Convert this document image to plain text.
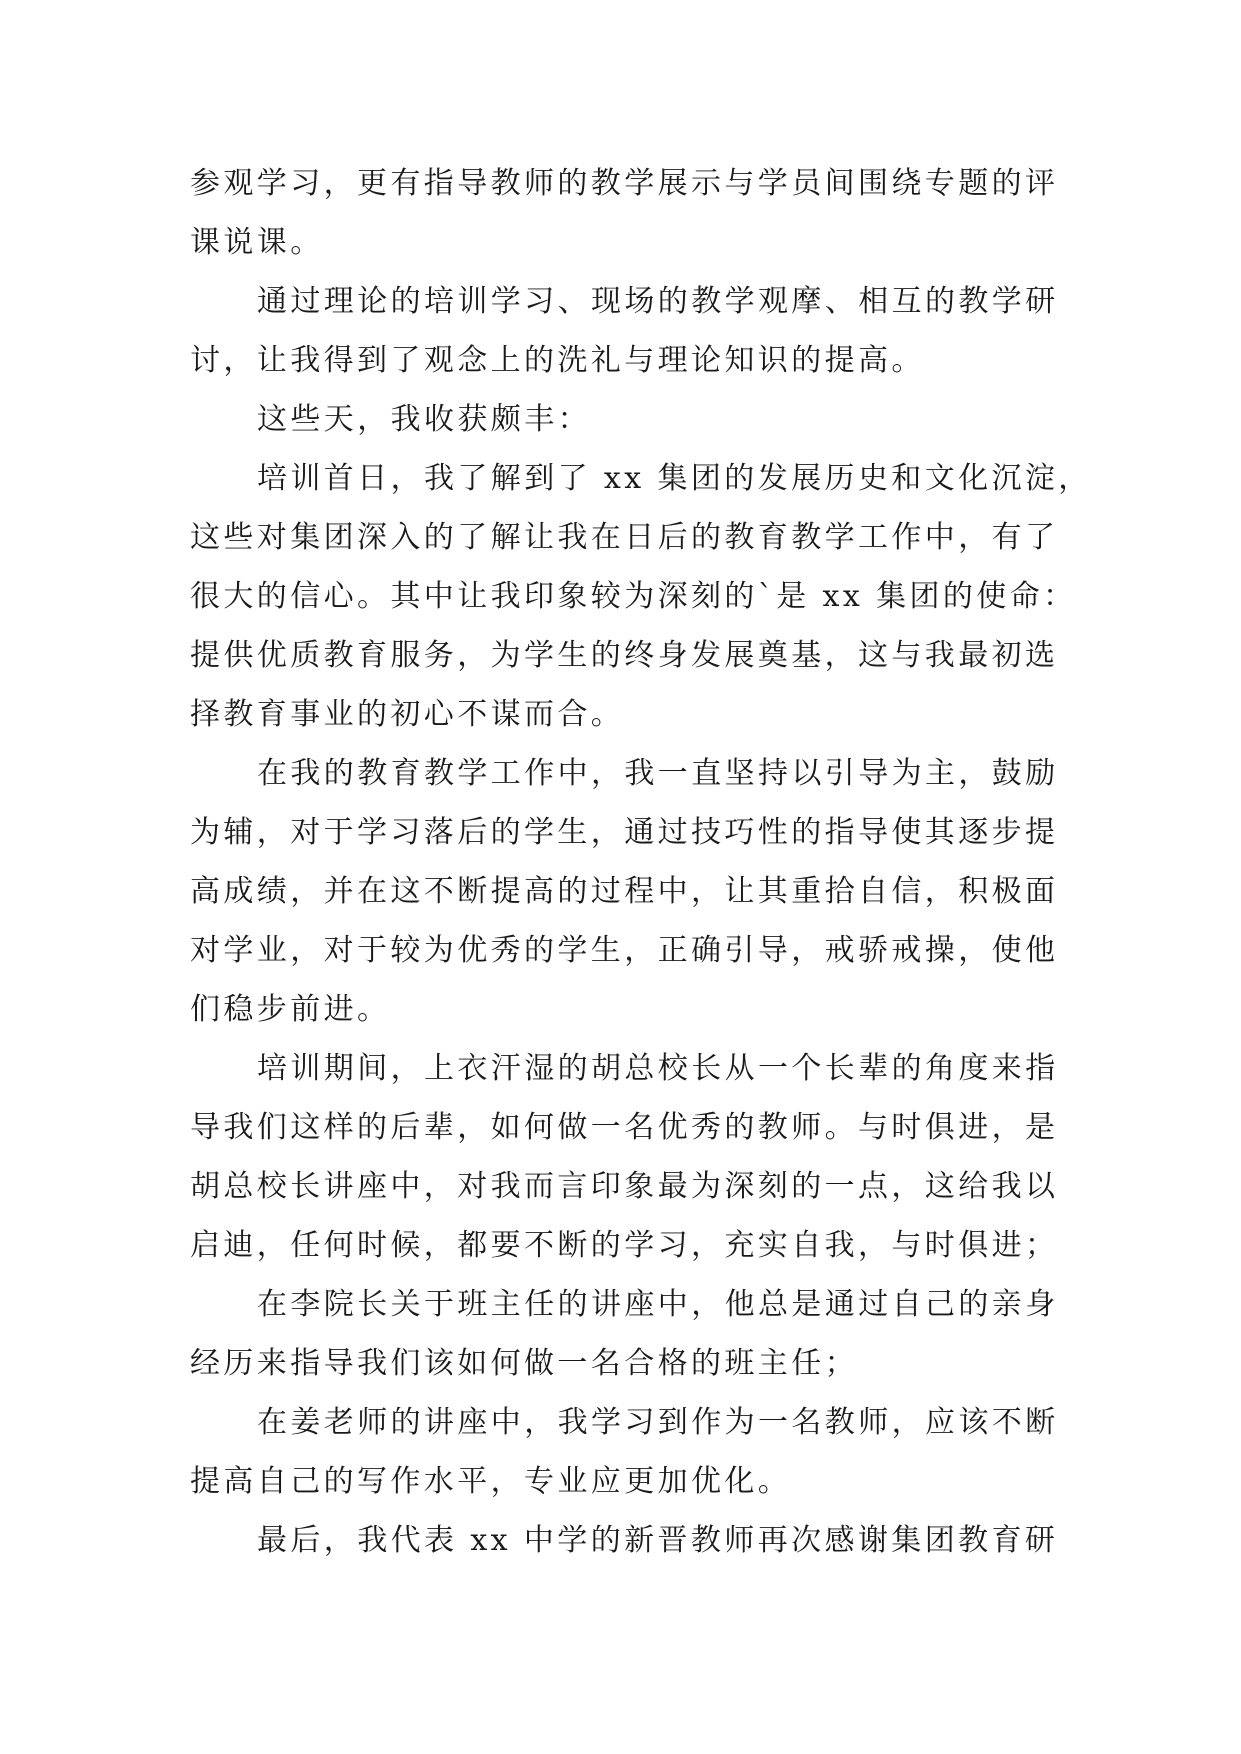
参观学习，更有指导教师的教学展示与学员间围绕专题的评
课说课。
通过理论的培训学习、现场的教学观摩、相互的教学研
讨，让我得到了观念上的洗礼与理论知识的提高。
这些天，我收获颇丰：
培训首日，我了解到了 xx 集团的发展历史和文化沉淀，
这些对集团深入的了解让我在日后的教育教学工作中，有了
很大的信心。其中让我印象较为深刻的`是 xx 集团的使命：
提供优质教育服务，为学生的终身发展奠基，这与我最初选
择教育事业的初心不谋而合。
在我的教育教学工作中，我一直坚持以引导为主，鼓励
为辅，对于学习落后的学生，通过技巧性的指导使其逐步提
高成绩，并在这不断提高的过程中，让其重拾自信，积极面
对学业，对于较为优秀的学生，正确引导，戒骄戒操，使他
们稳步前进。
培训期间，上衣汗湿的胡总校长从一个长辈的角度来指
导我们这样的后辈，如何做一名优秀的教师。与时俱进，是
胡总校长讲座中，对我而言印象最为深刻的一点，这给我以
启迪，任何时候，都要不断的学习，充实自我，与时俱进；
在李院长关于班主任的讲座中，他总是通过自己的亲身
经历来指导我们该如何做一名合格的班主任；
在姜老师的讲座中，我学习到作为一名教师，应该不断
提高自己的写作水平，专业应更加优化。
最后，我代表 xx 中学的新晋教师再次感谢集团教育研
